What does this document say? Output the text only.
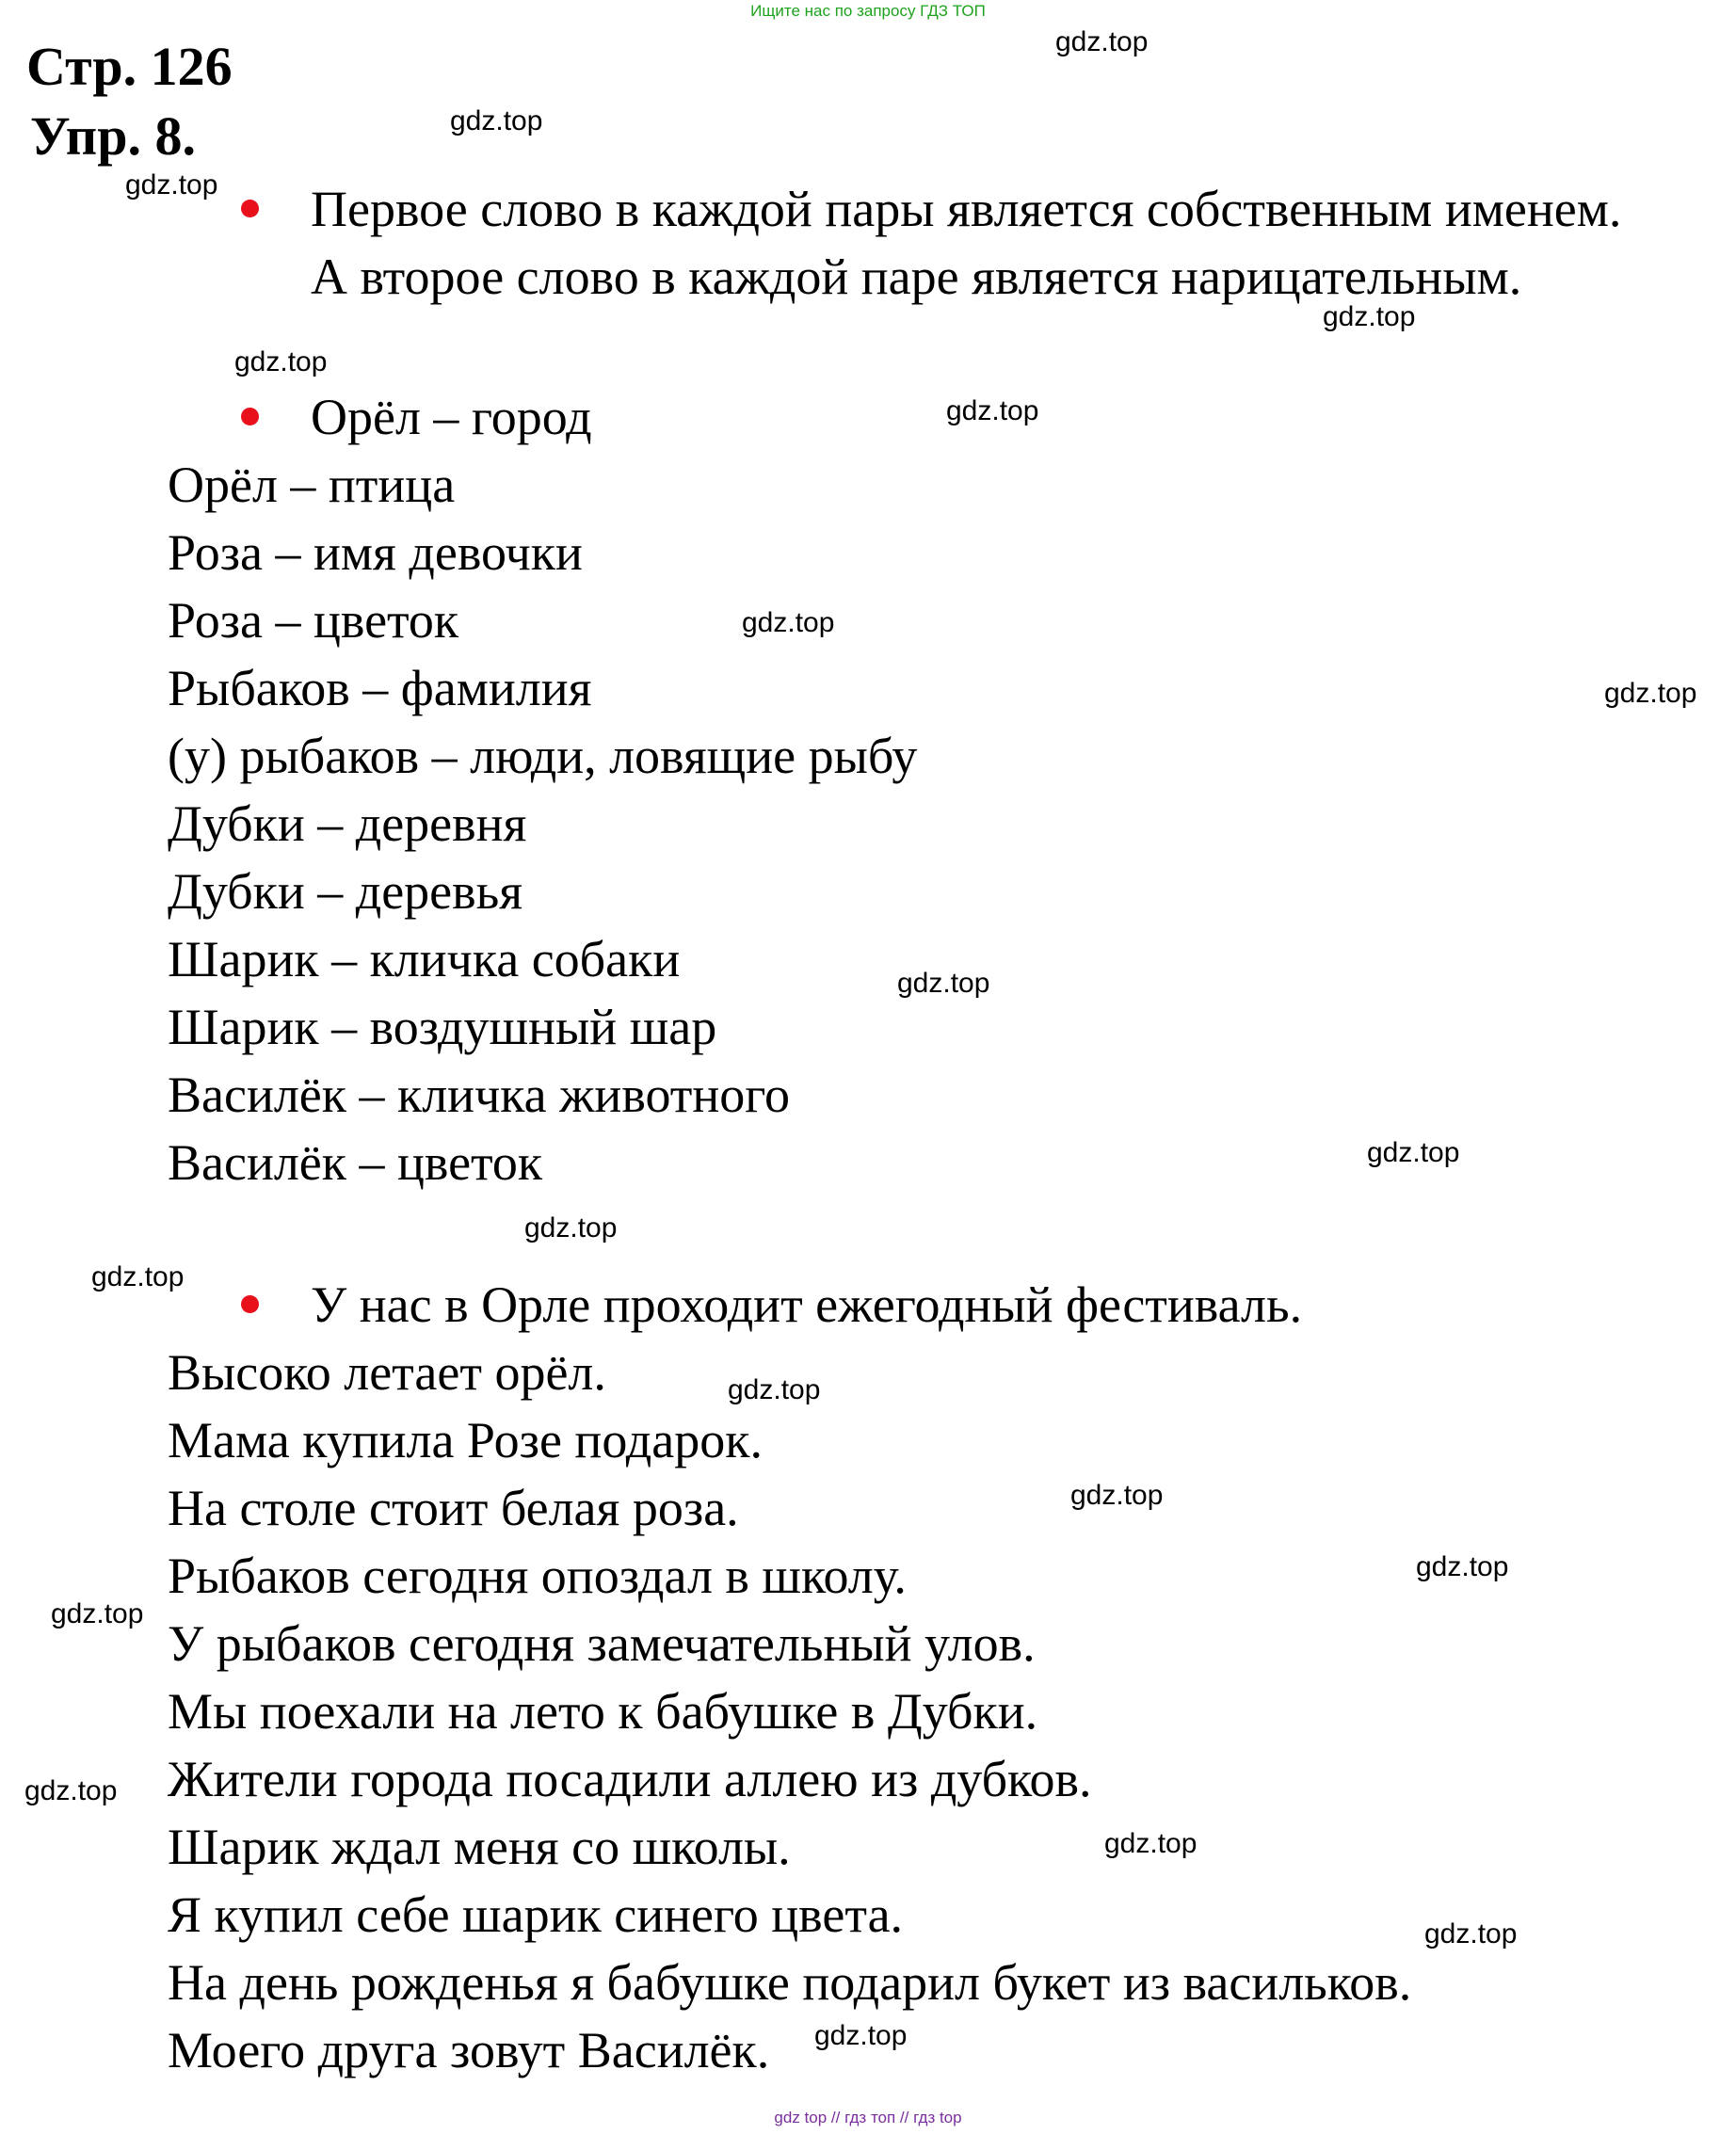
Ищите нас по запросу ГДЗ ТОП
gdz top // гдз топ // гдз top
Стр. 126
Упр. 8.
Первое слово в каждой пары является собственным именем.
А второе слово в каждой паре является нарицательным.
Орёл – город
Орёл – птица
Роза – имя девочки
Роза – цветок
Рыбаков – фамилия
(у) рыбаков – люди, ловящие рыбу
Дубки – деревня
Дубки – деревья
Шарик – кличка собаки
Шарик – воздушный шар
Василёк – кличка животного
Василёк – цветок
У нас в Орле проходит ежегодный фестиваль.
Высоко летает орёл.
Мама купила Розе подарок.
На столе стоит белая роза.
Рыбаков сегодня опоздал в школу.
У рыбаков сегодня замечательный улов.
Мы поехали на лето к бабушке в Дубки.
Жители города посадили аллею из дубков.
Шарик ждал меня со школы.
Я купил себе шарик синего цвета.
На день рожденья я бабушке подарил букет из васильков.
Моего друга зовут Василёк.
gdz.top
gdz.top
gdz.top
gdz.top
gdz.top
gdz.top
gdz.top
gdz.top
gdz.top
gdz.top
gdz.top
gdz.top
gdz.top
gdz.top
gdz.top
gdz.top
gdz.top
gdz.top
gdz.top
gdz.top
